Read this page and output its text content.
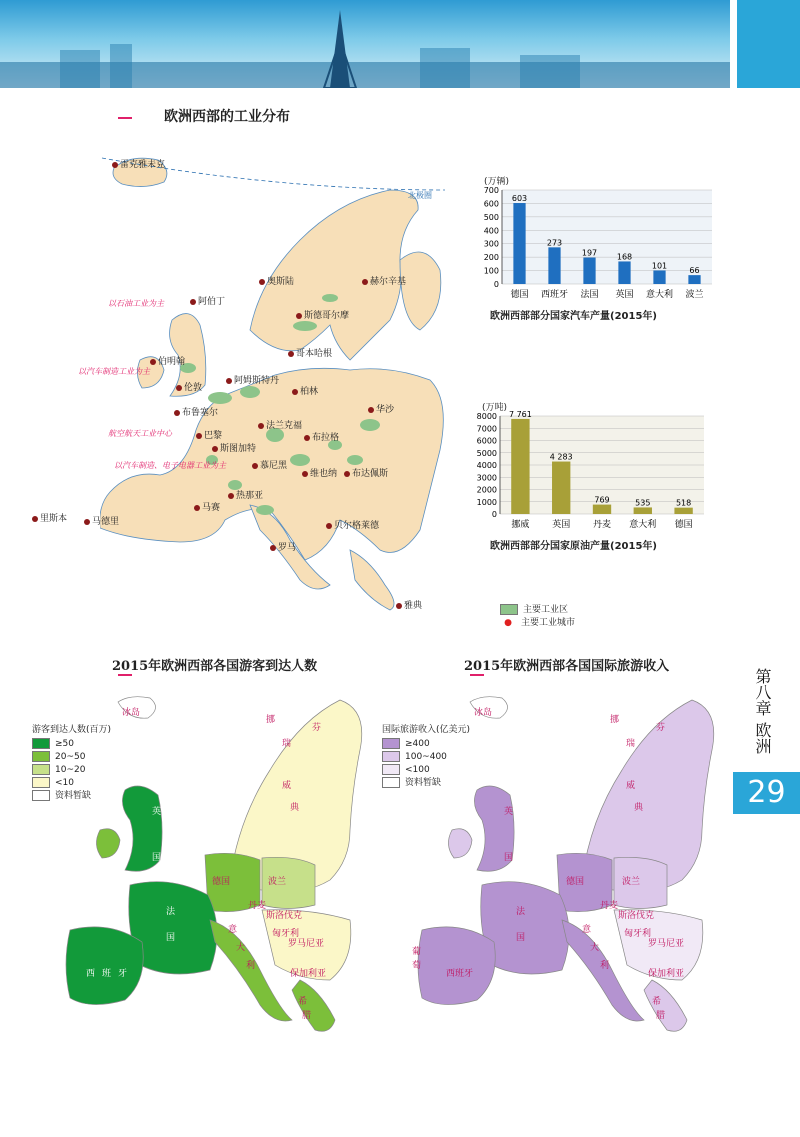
欧洲西部的工业分布
雷克雅未克
阿伯丁
奥斯陆	赫尔辛基
斯德哥尔摩
哥本哈根
伯明翰
伦敦
阿姆斯特丹
柏林
华沙
布鲁塞尔
法兰克福
巴黎	布拉格
斯图加特
慕尼黑
维也纳	布达佩斯
马赛
热那亚
里斯本	马德里	贝尔格莱德
罗马
雅典
北极圈
以石油工业为主
以汽车制造工业为主
航空航天工业中心
以汽车制造、电子电器工业为主
主要工业区
● 主要工业城市
(万辆)
0
100
200
300
400
500
600
700
603
德国
273
西班牙
197
法国
168
英国
101
意大利
66
波兰
欧洲西部部分国家汽车产量(2015年)
(万吨)
0
1000
2000
3000
4000
5000
6000
7000
8000 7 761
挪威
4 283
英国
769
丹麦
535
意大利
518
德国
欧洲西部部分国家原油产量(2015年)
2015年欧洲西部各国游客到达人数
游客到达人数(百万)
≥50
20~50
10~20
<10
资料暂缺
冰岛
挪
瑞
芬
威
典
英
国
德国	波兰
法
国
丹麦
斯洛伐克
匈牙利
罗马尼亚
保加利亚
西 班 牙
葡
萄
意
大
利
希
腊
2015年欧洲西部各国国际旅游收入
国际旅游收入(亿美元)
≥400
100~400
<100
资料暂缺
冰岛
挪
瑞
芬
威
典
英
国
德国	波兰
法
国
丹麦
斯洛伐克
匈牙利
罗马尼亚
保加利亚
西班牙
葡
萄
意
大
利
希
腊
第八章
欧洲
29
